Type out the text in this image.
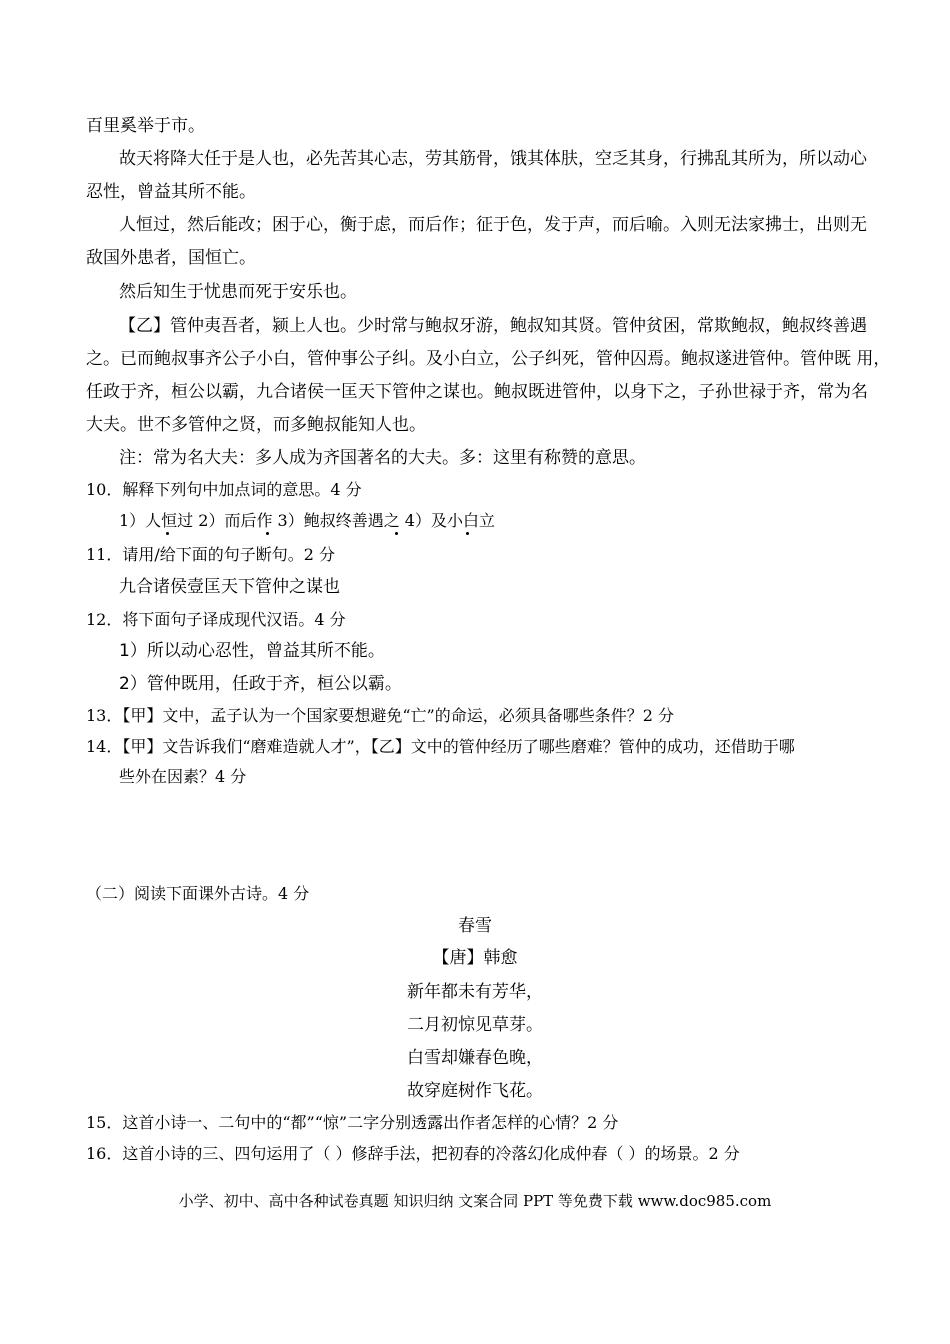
百里奚举于市。
故天将降大任于是人也，必先苦其心志，劳其筋骨，饿其体肤，空乏其身，行拂乱其所为，所以动心
忍性，曾益其所不能。
人恒过，然后能改；困于心，衡于虑，而后作；征于色，发于声，而后喻。入则无法家拂士，出则无
敌国外患者，国恒亡。
然后知生于忧患而死于安乐也。
【乙】管仲夷吾者，颍上人也。少时常与鲍叔牙游，鲍叔知其贤。管仲贫困，常欺鲍叔，鲍叔终善遇
之。已而鲍叔事齐公子小白，管仲事公子纠。及小白立，公子纠死，管仲囚焉。鲍叔遂进管仲。管仲既 用，
任政于齐，桓公以霸，九合诸侯一匡天下管仲之谋也。鲍叔既进管仲，以身下之，子孙世禄于齐，常为名
大夫。世不多管仲之贤，而多鲍叔能知人也。
注：常为名大夫：多人成为齐国著名的大夫。多：这里有称赞的意思。
10．解释下列句中加点词的意思。4 分
1）人恒过 2）而后作 3）鲍叔终善遇之 4）及小白立
11．请用/给下面的句子断句。2 分
九合诸侯壹匡天下管仲之谋也
12．将下面句子译成现代汉语。4 分
1）所以动心忍性，曾益其所不能。
2）管仲既用，任政于齐，桓公以霸。
13．【甲】文中，孟子认为一个国家要想避免“亡”的命运，必须具备哪些条件？2 分
14．【甲】文告诉我们“磨难造就人才”，【乙】文中的管仲经历了哪些磨难？管仲的成功，还借助于哪
些外在因素？4 分
（二）阅读下面课外古诗。4 分
春雪
【唐】韩愈
新年都未有芳华，
二月初惊见草芽。
白雪却嫌春色晚，
故穿庭树作飞花。
15．这首小诗一、二句中的“都”“惊”二字分别透露出作者怎样的心情？2 分
16．这首小诗的三、四句运用了（ ）修辞手法，把初春的冷落幻化成仲春（ ）的场景。2 分
小学、初中、高中各种试卷真题 知识归纳 文案合同 PPT 等免费下载 www.doc985.com
